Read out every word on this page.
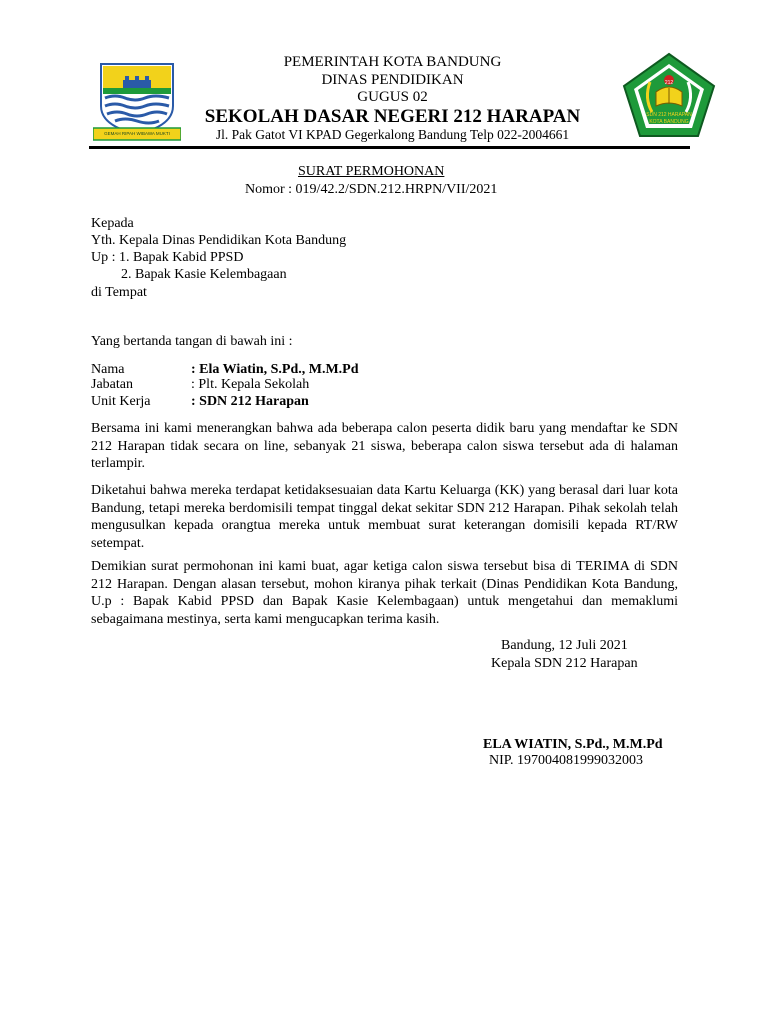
GEMAH RIPAH WIBAWA MUKTI
212
SDN 212 HARAPAN
KOTA BANDUNG
PEMERINTAH KOTA BANDUNG
DINAS PENDIDIKAN
GUGUS 02
SEKOLAH DASAR NEGERI 212 HARAPAN
Jl. Pak Gatot VI KPAD Gegerkalong Bandung Telp 022-2004661
SURAT PERMOHONAN
Nomor : 019/42.2/SDN.212.HRPN/VII/2021
Kepada
Yth. Kepala Dinas Pendidikan Kota Bandung
Up : 1. Bapak Kabid PPSD
2. Bapak Kasie Kelembagaan
di Tempat
Yang bertanda tangan di bawah ini :
Nama	: Ela Wiatin, S.Pd., M.M.Pd
Jabatan	: Plt. Kepala Sekolah
Unit Kerja	: SDN 212 Harapan
Bersama ini kami menerangkan bahwa ada beberapa calon peserta didik baru yang mendaftar ke SDN 212 Harapan tidak secara on line, sebanyak 21 siswa, beberapa calon siswa tersebut ada di halaman terlampir.
Diketahui bahwa mereka terdapat ketidaksesuaian data Kartu Keluarga (KK) yang berasal dari luar kota Bandung, tetapi mereka berdomisili tempat tinggal dekat sekitar SDN 212 Harapan. Pihak sekolah telah mengusulkan kepada orangtua mereka untuk membuat surat keterangan domisili kepada RT/RW setempat.
Demikian surat permohonan ini kami buat, agar ketiga calon siswa tersebut bisa di TERIMA di SDN 212 Harapan. Dengan alasan tersebut, mohon kiranya pihak terkait (Dinas Pendidikan Kota Bandung, U.p : Bapak Kabid PPSD dan Bapak Kasie Kelembagaan) untuk mengetahui dan memaklumi sebagaimana mestinya, serta kami mengucapkan terima kasih.
Bandung, 12 Juli 2021
Kepala SDN 212 Harapan
ELA WIATIN, S.Pd., M.M.Pd
NIP. 197004081999032003
